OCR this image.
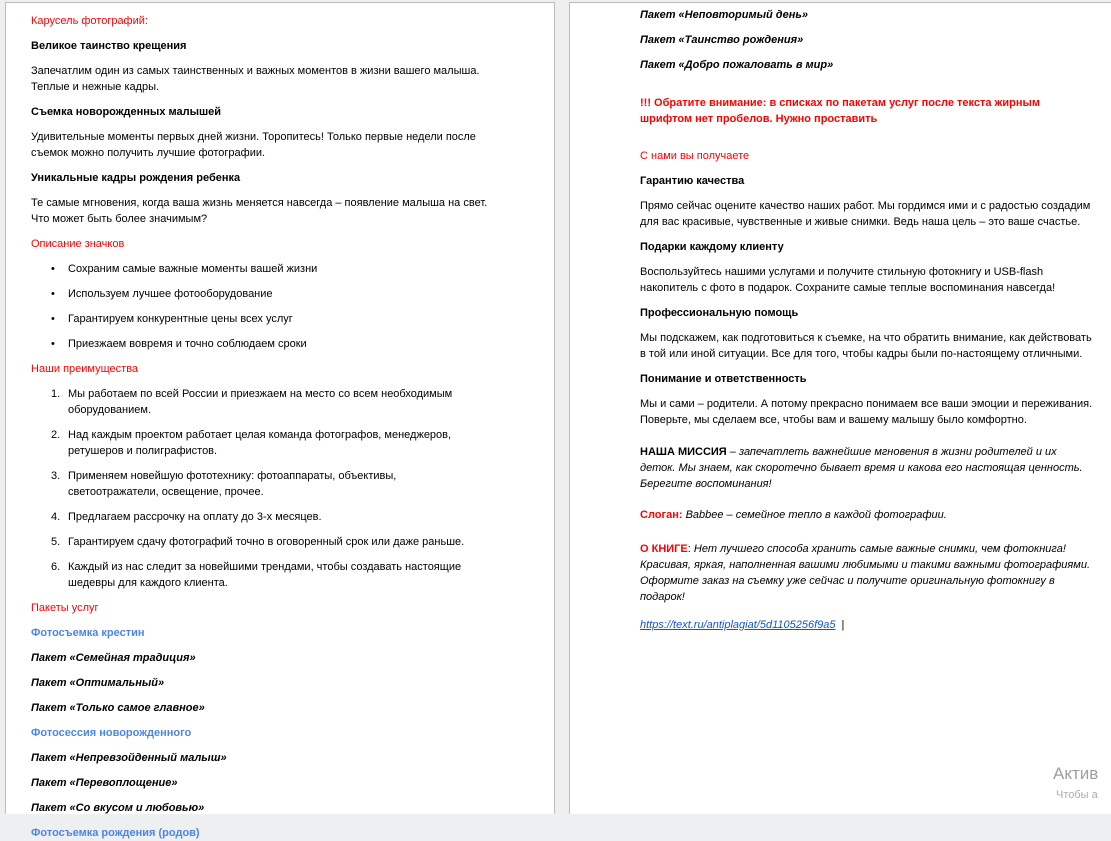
Карусель фотографий:
Великое таинство крещения
Запечатлим один из самых таинственных и важных моментов в жизни вашего малыша. Теплые и нежные кадры.
Съемка новорожденных малышей
Удивительные моменты первых дней жизни. Торопитесь! Только первые недели после съемок можно получить лучшие фотографии.
Уникальные кадры рождения ребенка
Те самые мгновения, когда ваша жизнь меняется навсегда – появление малыша на свет. Что может быть более значимым?
Описание значков
•	Сохраним самые важные моменты вашей жизни
•	Используем лучшее фотооборудование
•	Гарантируем конкурентные цены всех услуг
•	Приезжаем вовремя и точно соблюдаем сроки
Наши преимущества
1. Мы работаем по всей России и приезжаем на место со всем необходимым оборудованием.
2. Над каждым проектом работает целая команда фотографов, менеджеров, ретушеров и полиграфистов.
3. Применяем новейшую фототехнику: фотоаппараты, объективы, светоотражатели, освещение, прочее.
4. Предлагаем рассрочку на оплату до 3-х месяцев.
5. Гарантируем сдачу фотографий точно в оговоренный срок или даже раньше.
6. Каждый из нас следит за новейшими трендами, чтобы создавать настоящие шедевры для каждого клиента.
Пакеты услуг
Фотосъемка крестин
Пакет «Семейная традиция»
Пакет «Оптимальный»
Пакет «Только самое главное»
Фотосессия новорожденного
Пакет «Непревзойденный малыш»
Пакет «Перевоплощение»
Пакет «Со вкусом и любовью»
Фотосъемка рождения (родов)
Пакет «Неповторимый день»
Пакет «Таинство рождения»
Пакет «Добро пожаловать в мир»
!!! Обратите внимание: в списках по пакетам услуг после текста жирным шрифтом нет пробелов. Нужно проставить
С нами вы получаете
Гарантию качества
Прямо сейчас оцените качество наших работ. Мы гордимся ими и с радостью создадим для вас красивые, чувственные и живые снимки. Ведь наша цель – это ваше счастье.
Подарки каждому клиенту
Воспользуйтесь нашими услугами и получите стильную фотокнигу и USB-flash накопитель с фото в подарок. Сохраните самые теплые воспоминания навсегда!
Профессиональную помощь
Мы подскажем, как подготовиться к съемке, на что обратить внимание, как действовать в той или иной ситуации. Все для того, чтобы кадры были по-настоящему отличными.
Понимание и ответственность
Мы и сами – родители. А потому прекрасно понимаем все ваши эмоции и переживания. Поверьте, мы сделаем все, чтобы вам и вашему малышу было комфортно.
НАША МИССИЯ – запечатлеть важнейшие мгновения в жизни родителей и их деток. Мы знаем, как скоротечно бывает время и какова его настоящая ценность. Берегите воспоминания!
Слоган: Babbee – семейное тепло в каждой фотографии.
О КНИГЕ: Нет лучшего способа хранить самые важные снимки, чем фотокнига! Красивая, яркая, наполненная вашими любимыми и такими важными фотографиями. Оформите заказ на съемку уже сейчас и получите оригинальную фотокнигу в подарок!
https://text.ru/antiplagiat/5d1105256f9a5 |
Актив
Чтобы а
